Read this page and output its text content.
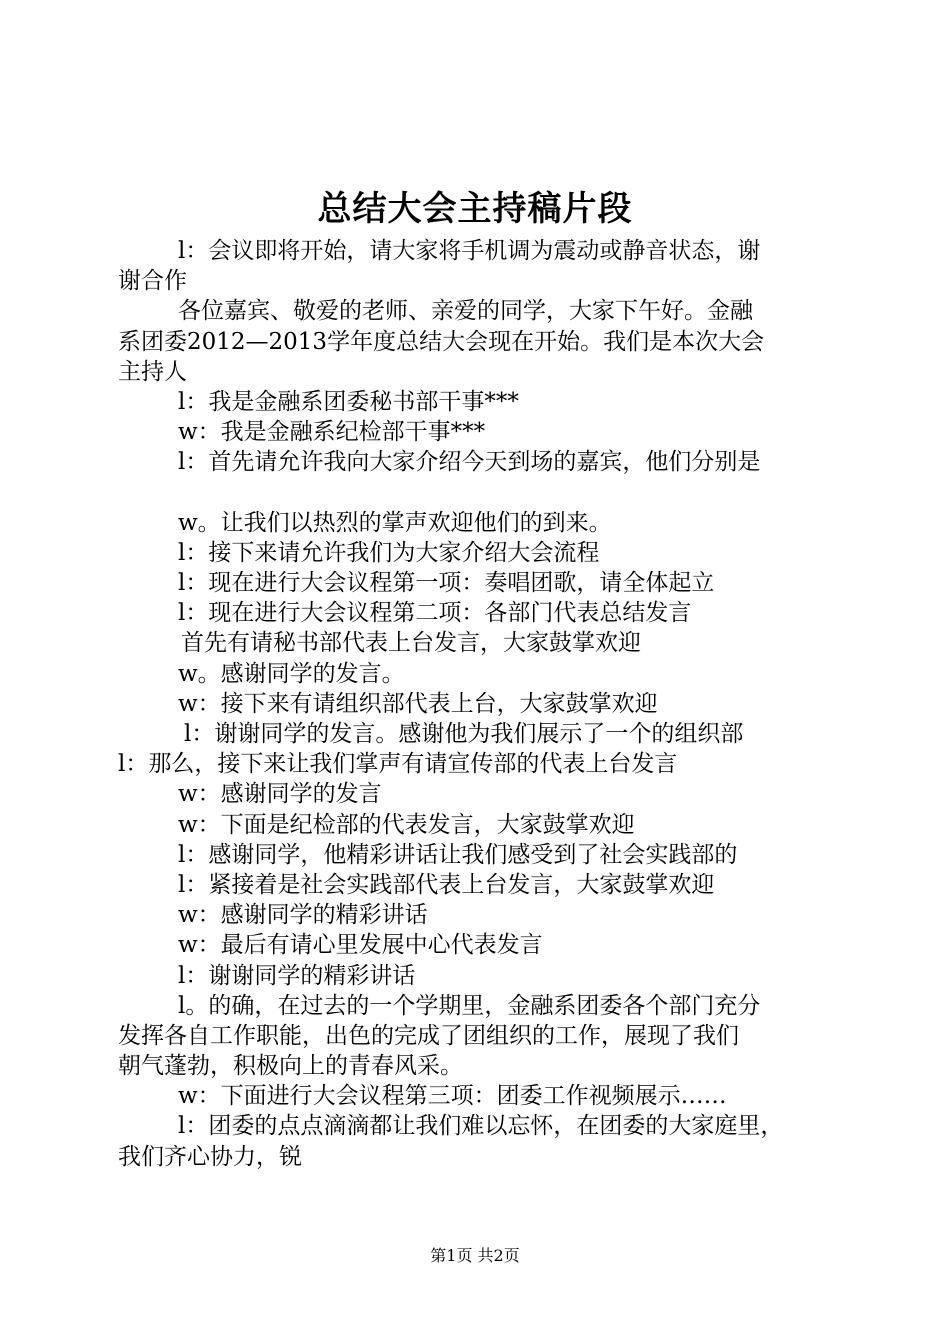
总结大会主持稿片段
l：会议即将开始，请大家将手机调为震动或静音状态，谢
谢合作
各位嘉宾、敬爱的老师、亲爱的同学，大家下午好。金融
系团委2012—2013学年度总结大会现在开始。我们是本次大会
主持人
l：我是金融系团委秘书部干事***
w：我是金融系纪检部干事***
l：首先请允许我向大家介绍今天到场的嘉宾，他们分别是
w。让我们以热烈的掌声欢迎他们的到来。
l：接下来请允许我们为大家介绍大会流程
l：现在进行大会议程第一项：奏唱团歌，请全体起立
l：现在进行大会议程第二项：各部门代表总结发言
首先有请秘书部代表上台发言，大家鼓掌欢迎
w。感谢同学的发言。
w：接下来有请组织部代表上台，大家鼓掌欢迎
l：谢谢同学的发言。感谢他为我们展示了一个的组织部
l：那么，接下来让我们掌声有请宣传部的代表上台发言
w：感谢同学的发言
w：下面是纪检部的代表发言，大家鼓掌欢迎
l：感谢同学，他精彩讲话让我们感受到了社会实践部的
l：紧接着是社会实践部代表上台发言，大家鼓掌欢迎
w：感谢同学的精彩讲话
w：最后有请心里发展中心代表发言
l：谢谢同学的精彩讲话
l。的确，在过去的一个学期里，金融系团委各个部门充分
发挥各自工作职能，出色的完成了团组织的工作，展现了我们
朝气蓬勃，积极向上的青春风采。
w：下面进行大会议程第三项：团委工作视频展示……
l：团委的点点滴滴都让我们难以忘怀，在团委的大家庭里，
我们齐心协力，锐
第1页 共2页
